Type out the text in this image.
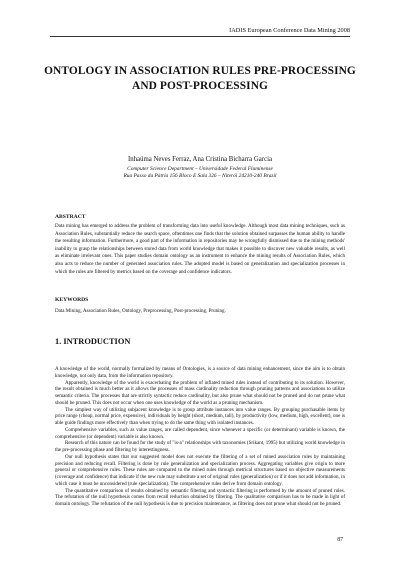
IADIS European Conference Data Mining 2008
ONTOLOGY IN ASSOCIATION RULES PRE-PROCESSING
AND POST-PROCESSING
Inhaúma Neves Ferraz, Ana Cristina Bicharra Garcia
Computer Science Department – Universidade Federal Fluminense
Rua Passo da Pátria 156 Bloco E Sala 326 – Niterói 24210-240 Brazil
ABSTRACT
Data mining has emerged to address the problem of transforming data into useful knowledge. Although most data mining techniques, such as Association Rules, substantially reduce the search space, oftentimes one finds that the solution obtained surpasses the human ability to handle the resulting information. Furthermore, a good part of the information in repositories may be wrongfully dismissed due to the mining methods' inability to grasp the relationships between stored data from world knowledge that makes it possible to discover new valuable results, as well as eliminate irrelevant ones. This paper studies domain ontology as an instrument to enhance the mining results of Association Rules, which also acts to reduce the number of generated association rules. The adopted model is based on generalization and specialization processes in which the rules are filtered by metrics based on the coverage and confidence indicators.
KEYWORDS
Data Mining, Association Rules, Ontology, Preprocessing, Post-processing, Pruning.
1. INTRODUCTION

A knowledge of the world, normally formalized by means of Ontologies, is a source of data mining enhancement, since the aim is to obtain knowledge, not only data, from the information repository.

Apparently, knowledge of the world is exacerbating the problem of inflated mined rules instead of contributing to its solution. However, the result obtained is much better as it allows the processes of mass cardinality reduction through pruning patterns and associations to utilize semantic criteria. The processes that are strictly syntactic reduce cardinality, but also prune what should not be pruned and do not prune what should be pruned. This does not occur when one uses knowledge of the world as a pruning mechanism.

The simplest way of utilizing subjacent knowledge is to group attribute instances into value ranges. By grouping purchasable items by price range (cheap, normal price, expensive), individuals by height (short, medium, tall), by productivity (low, medium, high, excellent), one is able guide findings more effectively than when trying to do the same thing with isolated instances.

Comprehensive variables, such as value ranges, are called dependent, since whenever a specific (or determinant) variable is known, the comprehensive (or dependent) variable is also known.

Research of this nature can be found for the study of "is-a" relationships with taxonomies (Srikant, 1995) but utilizing world knowledge in the pre-processing phase and filtering by interestingness.

Our null hypothesis states that our suggested model does not execute the filtering of a set of mined association rules by maintaining precision and reducing recall. Filtering is done by rule generalization and specialization process. Aggregating variables give origin to more general or comprehensive rules. These rules are compared to the mined rules through metrical structures based on objective measurements (coverage and confidence) that indicate if the new rule may substitute a set of original rules (generalization) or if it does not add information, in which case it must be unconsidered (rule specialization). The comprehensive rules derive from domain ontology.

The quantitative comparison of results obtained by semantic filtering and syntactic filtering is performed by the amount of pruned rules. The refutation of the null hypothesis comes from recall reduction obtained by filtering. The qualitative comparison has to be made in light of domain ontology. The refutation of the null hypothesis is due to precision maintenance, as filtering does not prune what should not be pruned.

87
